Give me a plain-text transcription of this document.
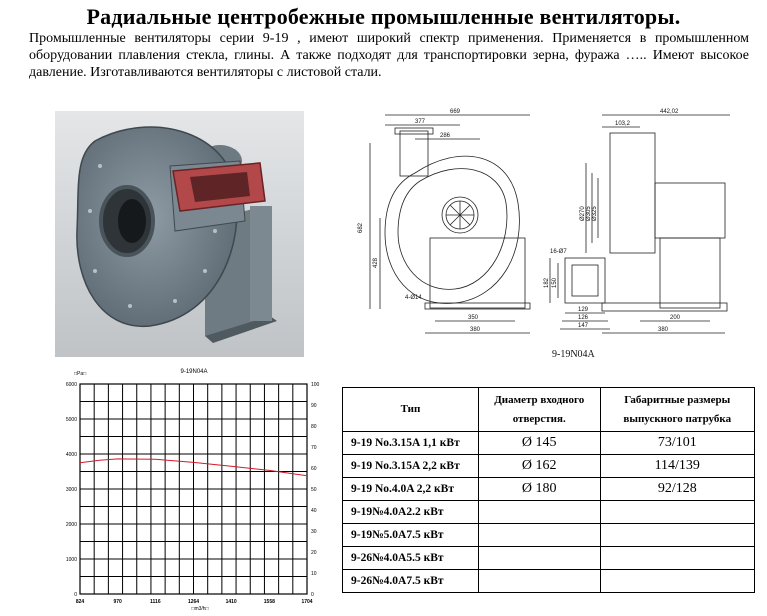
Радиальные центробежные промышленные вентиляторы.
Промышленные вентиляторы серии 9-19 , имеют широкий спектр применения. Применяется в промышленном оборудовании плавления стекла, глины. А также подходят для транспортировки зерна, фуража ….. Имеют высокое давление. Изготавливаются вентиляторы с листовой стали.
669
377
286
682
428
350
380
4-Ø14
442,02
103,2
Ø270 Ø305 Ø325
16-Ø7
182 150
129
126
147
200
380
9-19N04A
0
1000
2000
3000
4000
5000
6000
0
10
20
30
40
50
60
70
80
90
100
824	970	1116	1264	1410	1558	1704
9-19N04A
□Pa□
□m3/h□
Тип	Диаметр входного отверстия.	Габаритные размеры выпускного патрубка
9-19 No.3.15A 1,1 кВт	Ø 145	73/101
9-19 No.3.15A 2,2 кВт	Ø 162	114/139
9-19 No.4.0A 2,2 кВт	Ø 180	92/128
9-19№4.0A2.2 кВт		
9-19№5.0A7.5 кВт		
9-26№4.0A5.5 кВт		
9-26№4.0A7.5 кВт		
